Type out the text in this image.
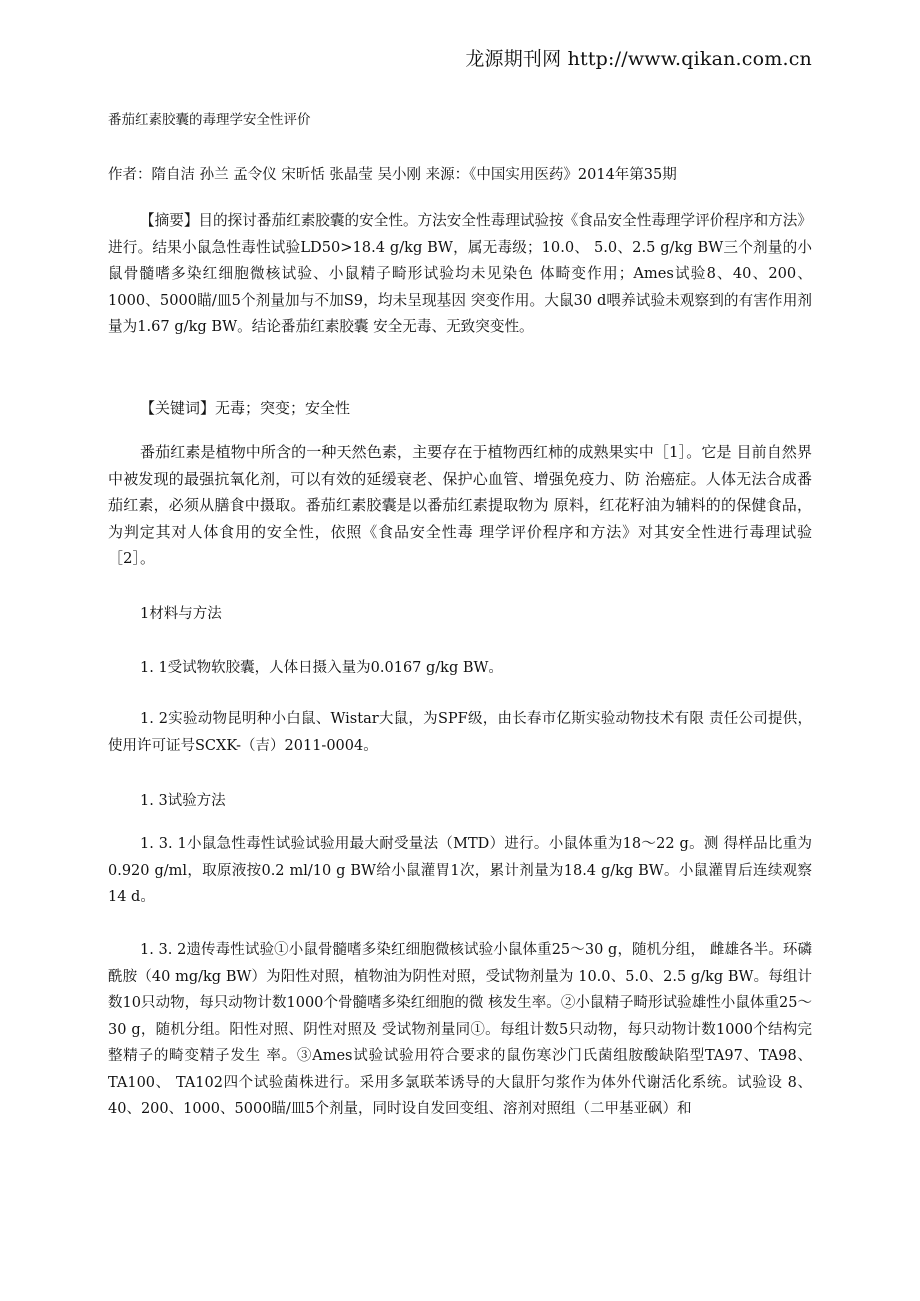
龙源期刊网 http://www.qikan.com.cn
番茄红素胶囊的毒理学安全性评价
作者：隋自洁 孙兰 孟令仪 宋昕恬 张晶莹 吴小刚 来源：《中国实用医药》2014年第35期
【摘要】目的探讨番茄红素胶囊的安全性。方法安全性毒理试验按《食品安全性毒理学评价程序和方法》进行。结果小鼠急性毒性试验LD50>18.4 g/kg BW，属无毒级；10.0、 5.0、2.5 g/kg BW三个剂量的小鼠骨髓嗜多染红细胞微核试验、小鼠精子畸形试验均未见染色 体畸变作用；Ames试验8、40、200、1000、5000瞄/皿5个剂量加与不加S9，均未呈现基因 突变作用。大鼠30 d喂养试验未观察到的有害作用剂量为1.67 g/kg BW。结论番茄红素胶囊 安全无毒、无致突变性。
【关键词】无毒；突变；安全性
番茄红素是植物中所含的一种天然色素，主要存在于植物西红柿的成熟果实中［1］。它是 目前自然界中被发现的最强抗氧化剂，可以有效的延缓衰老、保护心血管、增强免疫力、防 治癌症。人体无法合成番茄红素，必须从膳食中摄取。番茄红素胶囊是以番茄红素提取物为 原料，红花籽油为辅料的的保健食品，为判定其对人体食用的安全性，依照《食品安全性毒 理学评价程序和方法》对其安全性进行毒理试验［2］。
1材料与方法
1. 1受试物软胶囊，人体日摄入量为0.0167 g/kg BW。
1. 2实验动物昆明种小白鼠、Wistar大鼠，为SPF级，由长春市亿斯实验动物技术有限 责任公司提供，使用许可证号SCXK-（吉）2011-0004。
1. 3试验方法
1. 3. 1小鼠急性毒性试验试验用最大耐受量法（MTD）进行。小鼠体重为18～22 g。测 得样品比重为0.920 g/ml，取原液按0.2 ml/10 g BW给小鼠灌胃1次，累计剂量为18.4 g/kg BW。小鼠灌胃后连续观察14 d。
1. 3. 2遗传毒性试验①小鼠骨髓嗜多染红细胞微核试验小鼠体重25～30 g，随机分组， 雌雄各半。环磷酰胺（40 mg/kg BW）为阳性对照，植物油为阴性对照，受试物剂量为 10.0、5.0、2.5 g/kg BW。每组计数10只动物，每只动物计数1000个骨髓嗜多染红细胞的微 核发生率。②小鼠精子畸形试验雄性小鼠体重25～30 g，随机分组。阳性对照、阴性对照及 受试物剂量同①。每组计数5只动物，每只动物计数1000个结构完整精子的畸变精子发生 率。③Ames试验试验用符合要求的鼠伤寒沙门氏菌组胺酸缺陷型TA97、TA98、TA100、 TA102四个试验菌株进行。采用多氯联苯诱导的大鼠肝匀浆作为体外代谢活化系统。试验设 8、40、200、1000、5000瞄/皿5个剂量，同时设自发回变组、溶剂对照组（二甲基亚砜）和
